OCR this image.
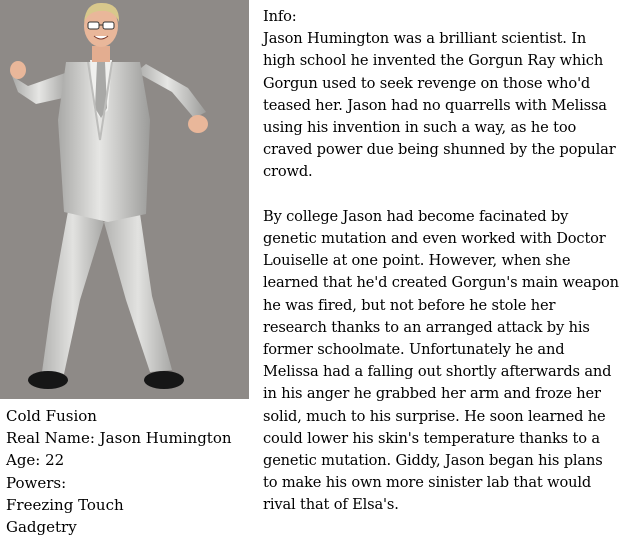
Cold Fusion
Real Name: Jason Humington
Age: 22
Powers:
Freezing Touch
Gadgetry
Info:

Jason Humington was a brilliant scientist. In high school he invented the Gorgun Ray which Gorgun used to seek revenge on those who'd teased her. Jason had no quarrells with Melissa using his invention in such a way, as he too craved power due being shunned by the popular crowd.

By college Jason had become facinated by genetic mutation and even worked with Doctor Louiselle at one point. However, when she learned that he'd created Gorgun's main weapon he was fired, but not before he stole her research thanks to an arranged attack by his former schoolmate. Unfortunately he and Melissa had a falling out shortly afterwards and in his anger he grabbed her arm and froze her solid, much to his surprise. He soon learned he could lower his skin's temperature thanks to a genetic mutation. Giddy, Jason began his plans to make his own more sinister lab that would rival that of Elsa's.
